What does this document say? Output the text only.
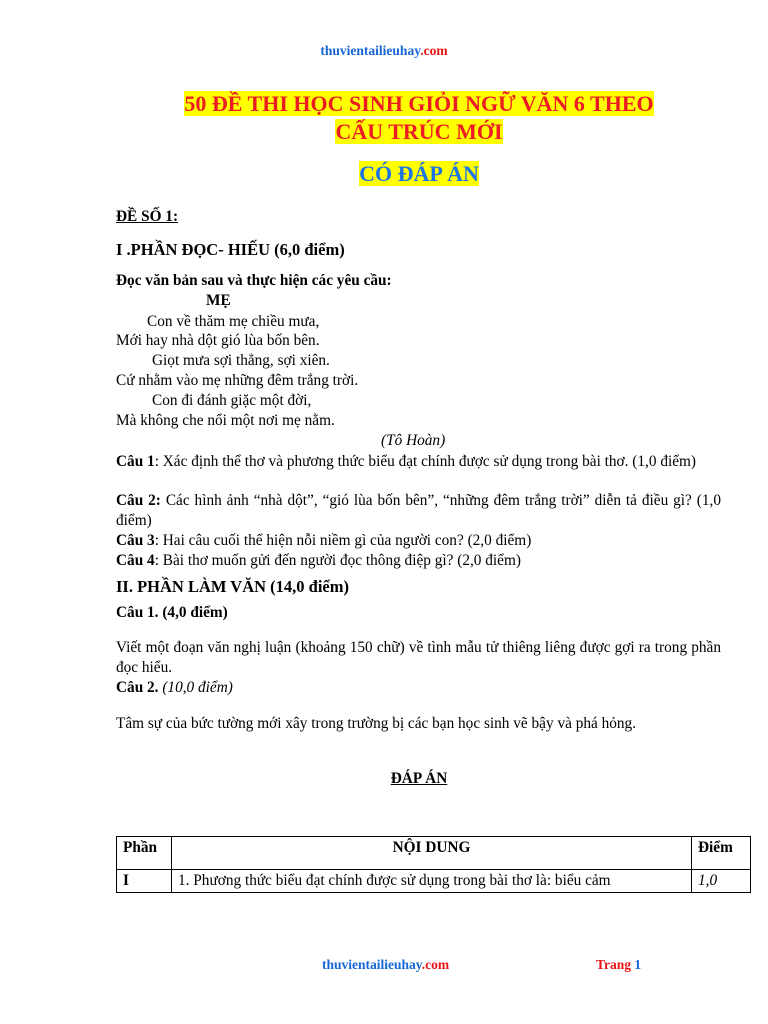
thuvientailieuhay.com
50 ĐỀ THI HỌC SINH GIỎI NGỮ VĂN 6 THEO
CẤU TRÚC MỚI
CÓ ĐÁP ÁN
ĐỀ SỐ 1:
I .PHẦN ĐỌC- HIẾU (6,0 điểm)
Đọc văn bản sau và thực hiện các yêu cầu:
MẸ
Con về thăm mẹ chiều mưa,
Mới hay nhà dột gió lùa bốn bên.
Giọt mưa sợi thẳng, sợi xiên.
Cứ nhằm vào mẹ những đêm trắng trời.
Con đi đánh giặc một đời,
Mà không che nổi một nơi mẹ nằm.
(Tô Hoàn)
Câu 1: Xác định thể thơ và phương thức biểu đạt chính được sử dụng trong bài thơ. (1,0 điểm)
Câu 2: Các hình ảnh “nhà dột”, “gió lùa bốn bên”, “những đêm trắng trời” diễn tả điều gì? (1,0 điểm)
Câu 3: Hai câu cuối thể hiện nỗi niềm gì của người con? (2,0 điểm)
Câu 4: Bài thơ muốn gửi đến người đọc thông điệp gì? (2,0 điểm)
II. PHẦN LÀM VĂN (14,0 điểm)
Câu 1. (4,0 điểm)
Viết một đoạn văn nghị luận (khoảng 150 chữ) về tình mẫu tử thiêng liêng được gợi ra trong phần đọc hiểu.
Câu 2. (10,0 điểm)
Tâm sự của bức tường mới xây trong trường bị các bạn học sinh vẽ bậy và phá hỏng.
ĐÁP ÁN
Phần	NỘI DUNG	Điểm
I	1. Phương thức biểu đạt chính được sử dụng trong bài thơ là: biểu cảm	1,0
thuvientailieuhay.com	Trang 1
